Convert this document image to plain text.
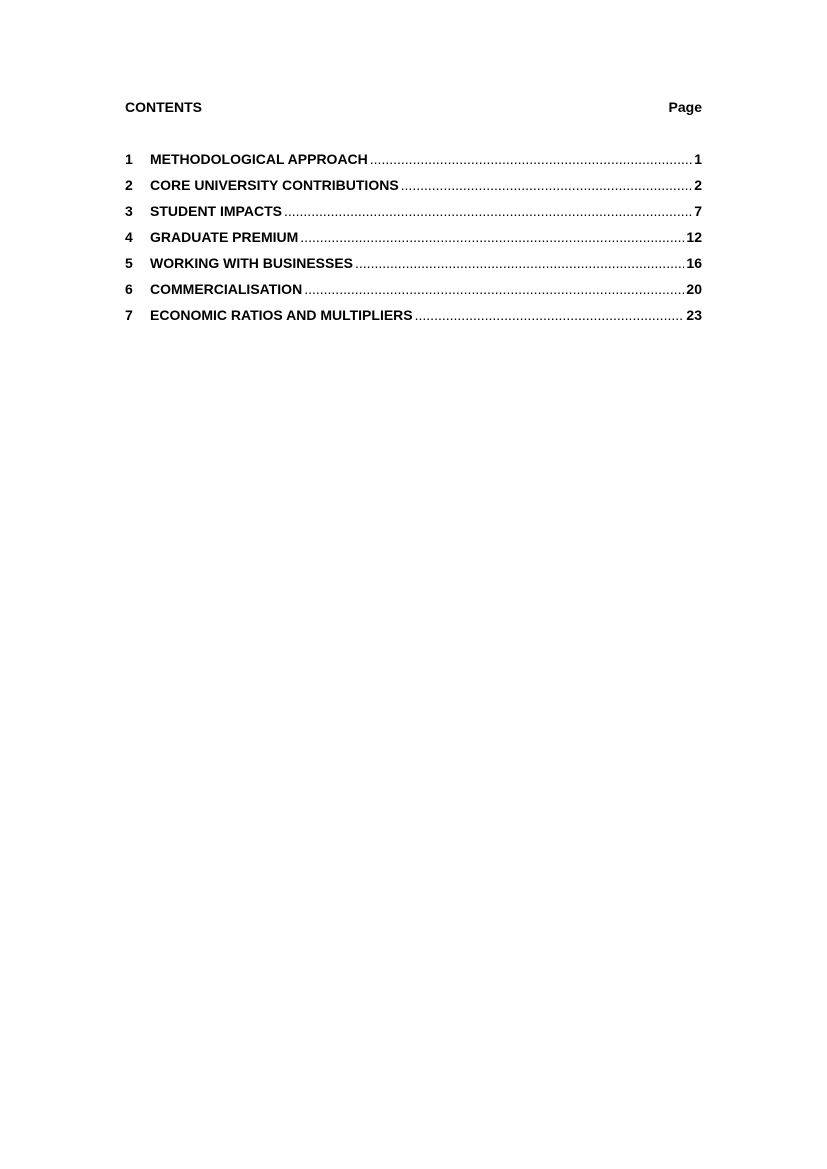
CONTENTS	Page
1	METHODOLOGICAL APPROACH .....	1
2	CORE UNIVERSITY CONTRIBUTIONS .....	2
3	STUDENT IMPACTS .....	7
4	GRADUATE PREMIUM .....	12
5	WORKING WITH BUSINESSES .....	16
6	COMMERCIALISATION .....	20
7	ECONOMIC RATIOS AND MULTIPLIERS .....	23
